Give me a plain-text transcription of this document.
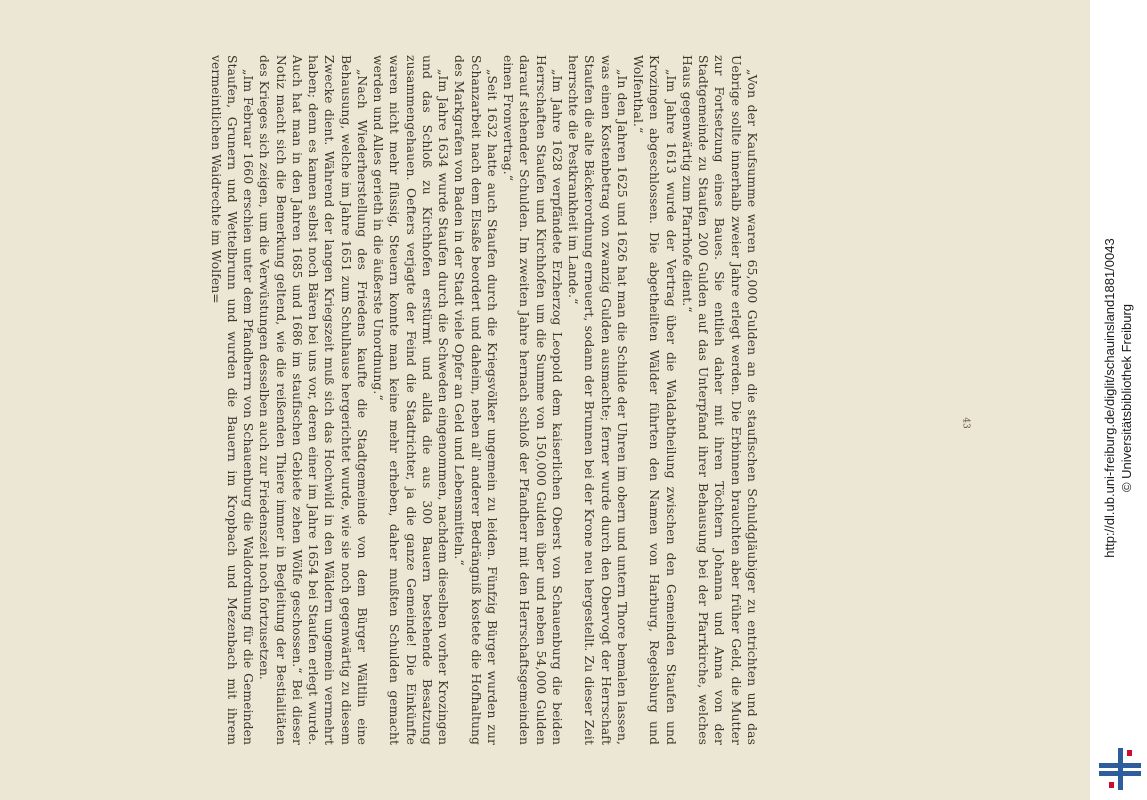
„Von der Kaufsumme waren 65,000 Gulden an die staufischen Schuldgläubiger zu entrichten und das Uebrige sollte innerhalb zweier Jahre erlegt werden. Die Erbinnen brauchten aber früher Geld, die Mutter zur Fortsetzung eines Baues. Sie entlieh daher mit ihren Töchtern Johanna und Anna von der Stadtgemeinde zu Staufen 200 Gulden auf das Unterpfand ihrer Behausung bei der Pfarrkirche, welches Haus gegenwärtig zum Pfarrhofe dient.“

„Im Jahre 1613 wurde der Vertrag über die Waldabtheilung zwischen den Gemeinden Staufen und Krozingen abgeschlossen. Die abgetheilten Wälder führten den Namen von Harburg, Regelsburg und Wolfenthal.“

„In den Jahren 1625 und 1626 hat man die Schilde der Uhren im obern und untern Thore bemalen lassen, was einen Kostenbetrag von zwanzig Gulden ausmachte; ferner wurde durch den Obervogt der Herrschaft Staufen die alte Bäckerordnung erneuert, sodann der Brunnen bei der Krone neu hergestellt. Zu dieser Zeit herrschte die Pestkrankheit im Lande.“

„Im Jahre 1628 verpfändete Erzherzog Leopold dem kaiserlichen Oberst von Schauenburg die beiden Herrschaften Staufen und Kirchhofen um die Summe von 150,000 Gulden über und neben 54,000 Gulden darauf stehender Schulden. Im zweiten Jahre hernach schloß der Pfandherr mit den Herrschaftsgemeinden einen Fronvertrag.“

„Seit 1632 hatte auch Staufen durch die Kriegsvölker ungemein zu leiden. Fünfzig Bürger wurden zur Schanzarbeit nach dem Elsaße beordert und daheim, neben all' anderer Bedrängniß kostete die Hofhaltung des Markgrafen von Baden in der Stadt viele Opfer an Geld und Lebensmitteln.“

„Im Jahre 1634 wurde Staufen durch die Schweden eingenommen, nachdem dieselben vorher Krozingen und das Schloß zu Kirchhofen erstürmt und allda die aus 300 Bauern bestehende Besatzung zusammengehauen. Oefters verjagte der Feind die Stadtrichter, ja die ganze Gemeinde! Die Einkünfte waren nicht mehr flüssig, Steuern konnte man keine mehr erheben, daher mußten Schulden gemacht werden und Alles gerieth in die äußerste Unordnung.“

„Nach Wiederherstellung des Friedens kaufte die Stadtgemeinde von dem Bürger Wältlin eine Behausung, welche im Jahre 1651 zum Schulhause hergerichtet wurde, wie sie noch gegenwärtig zu diesem Zwecke dient. Während der langen Kriegszeit muß sich das Hochwild in den Wäldern ungemein vermehrt haben; denn es kamen selbst noch Bären bei uns vor, deren einer im Jahre 1654 bei Staufen erlegt wurde. Auch hat man in den Jahren 1685 und 1686 im staufischen Gebiete zehen Wölfe geschossen.“ Bei dieser Notiz macht sich die Bemerkung geltend, wie die reißenden Thiere immer in Begleitung der Bestialitäten des Krieges sich zeigen, um die Verwüstungen desselben auch zur Friedenszeit noch fortzusetzen.

„Im Februar 1660 erschien unter dem Pfandherrn von Schauenburg die Waldordnung für die Gemeinden Staufen, Grunern und Wettelbrunn und wurden die Bauern im Kropbach und Mezenbach mit ihrem vermeintlichen Waidrechte im Wolfen=

43	http://dl.ub.uni-freiburg.de/diglit/schauinsland1881/0043 © Universitätsbibliothek Freiburg
